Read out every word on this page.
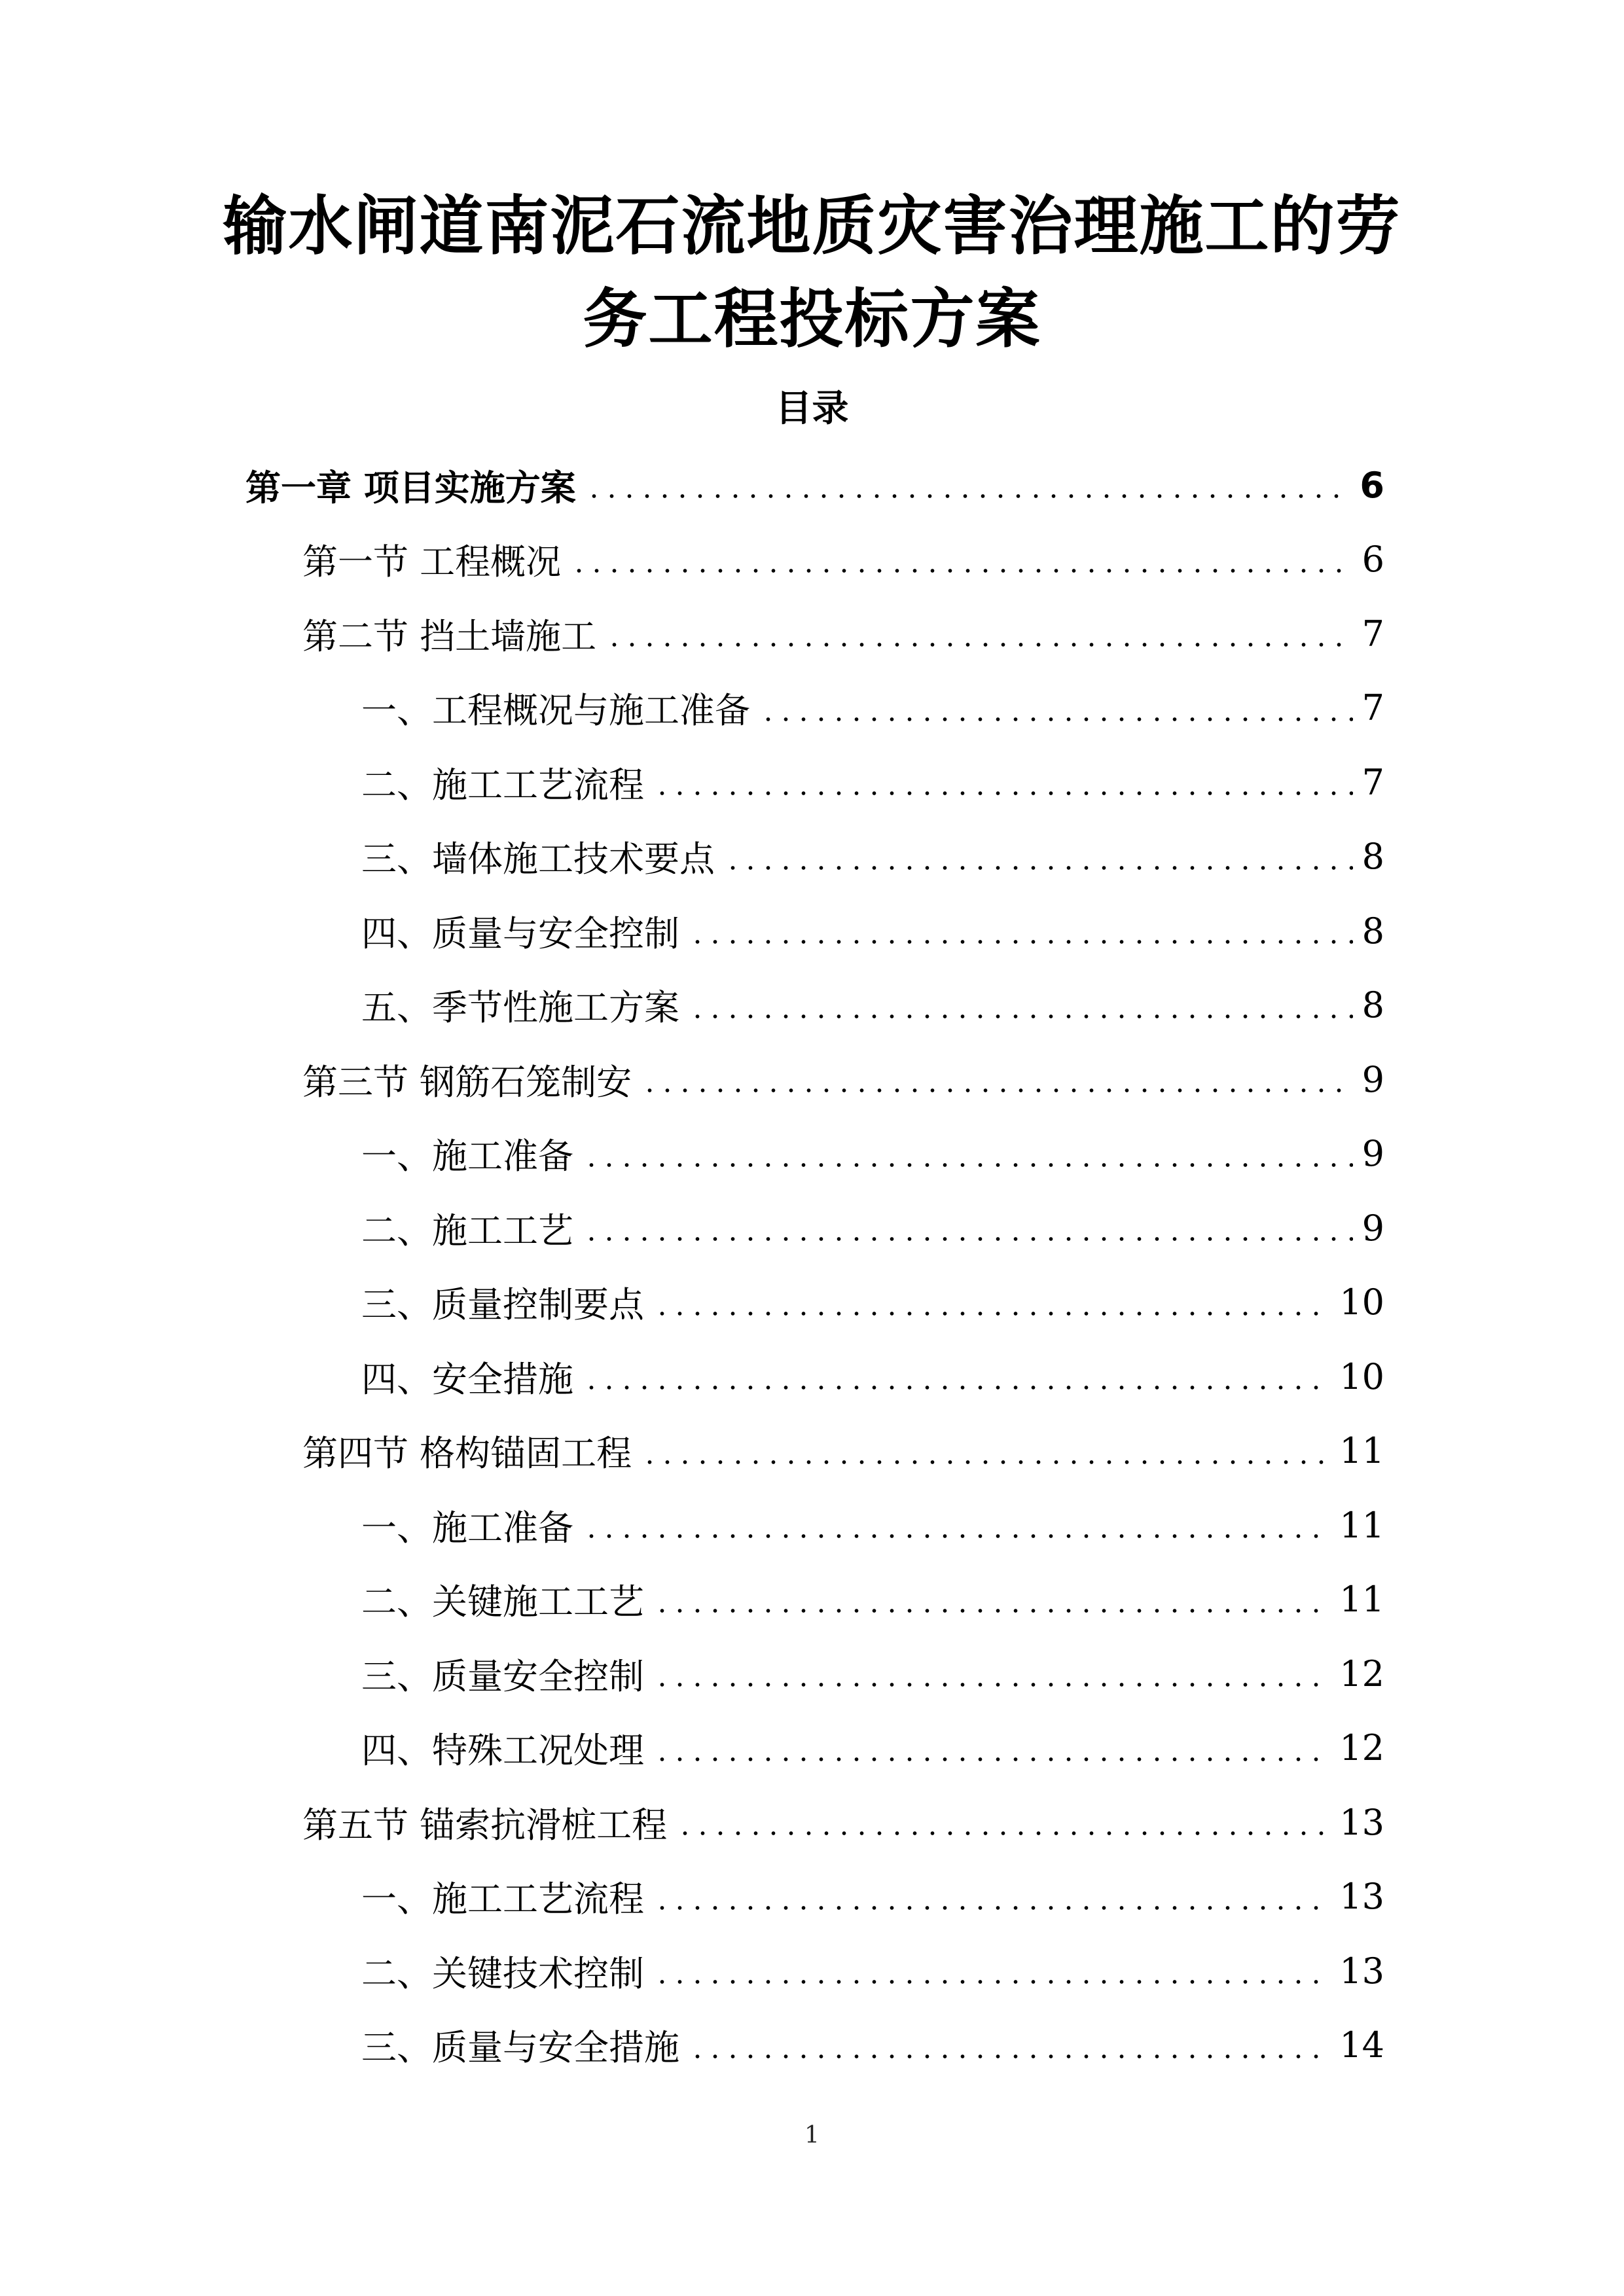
输水闸道南泥石流地质灾害治理施工的劳
务工程投标方案
目录
第一章 项目实施方案	6
第一节 工程概况	6
第二节 挡土墙施工	7
一、工程概况与施工准备	7
二、施工工艺流程	7
三、墙体施工技术要点	8
四、质量与安全控制	8
五、季节性施工方案	8
第三节 钢筋石笼制安	9
一、施工准备	9
二、施工工艺	9
三、质量控制要点	10
四、安全措施	10
第四节 格构锚固工程	11
一、施工准备	11
二、关键施工工艺	11
三、质量安全控制	12
四、特殊工况处理	12
第五节 锚索抗滑桩工程	13
一、施工工艺流程	13
二、关键技术控制	13
三、质量与安全措施	14
1
